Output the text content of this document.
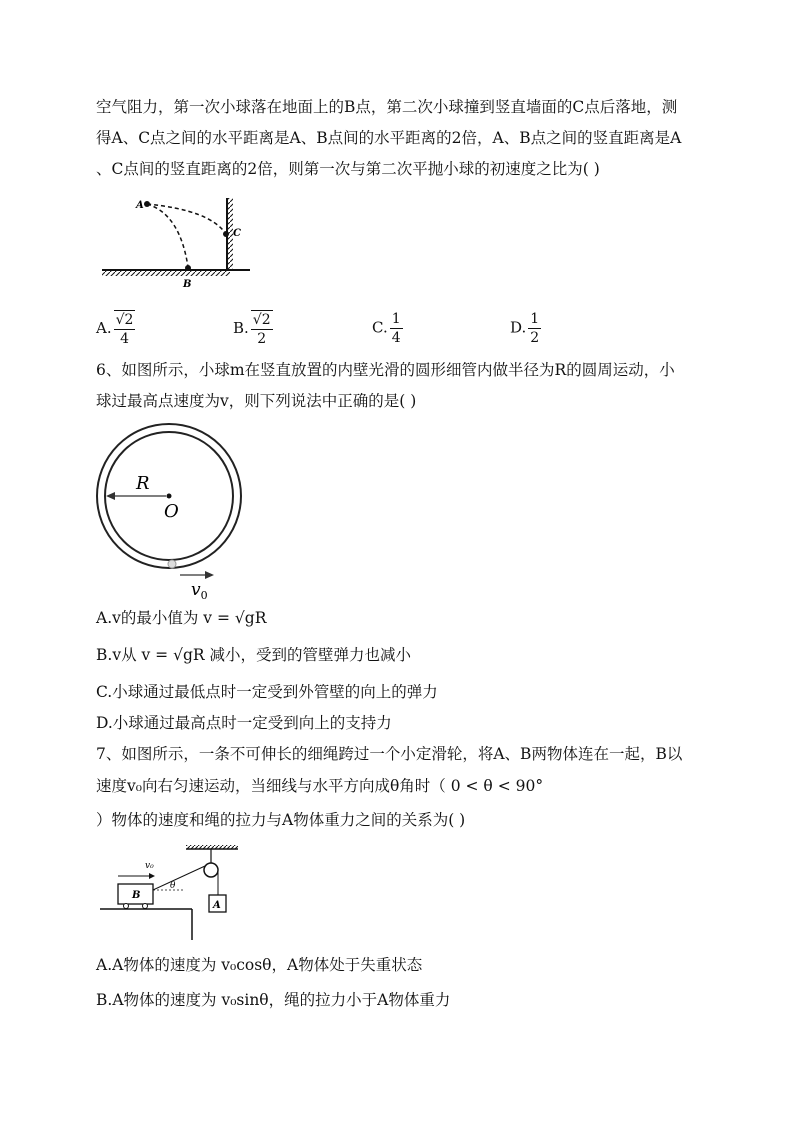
空气阻力，第一次小球落在地面上的B点，第二次小球撞到竖直墙面的C点后落地，测
得A、C点之间的水平距离是A、B点间的水平距离的2倍，A、B点之间的竖直距离是A
、C点间的竖直距离的2倍，则第一次与第二次平抛小球的初速度之比为( )
A
B
C
A. $\frac{√2}{4}$	B. $\frac{√2}{2}$	C. $\frac{1}{4}$	D. $\frac{1}{2}$
6、如图所示，小球m在竖直放置的内壁光滑的圆形细管内做半径为R的圆周运动，小
球过最高点速度为v，则下列说法中正确的是( )
R
O
$v_0$
A.v的最小值为 v = √gR
B.v从 v = √gR 减小，受到的管壁弹力也减小
C.小球通过最低点时一定受到外管壁的向上的弹力
D.小球通过最高点时一定受到向上的支持力
7、如图所示，一条不可伸长的细绳跨过一个小定滑轮，将A、B两物体连在一起，B以
速度v₀向右匀速运动，当细线与水平方向成θ角时（ 0 < θ < 90°
）物体的速度和绳的拉力与A物体重力之间的关系为( )
A
B
θ
v₀
A.A物体的速度为 v₀cosθ，A物体处于失重状态
B.A物体的速度为 v₀sinθ，绳的拉力小于A物体重力
